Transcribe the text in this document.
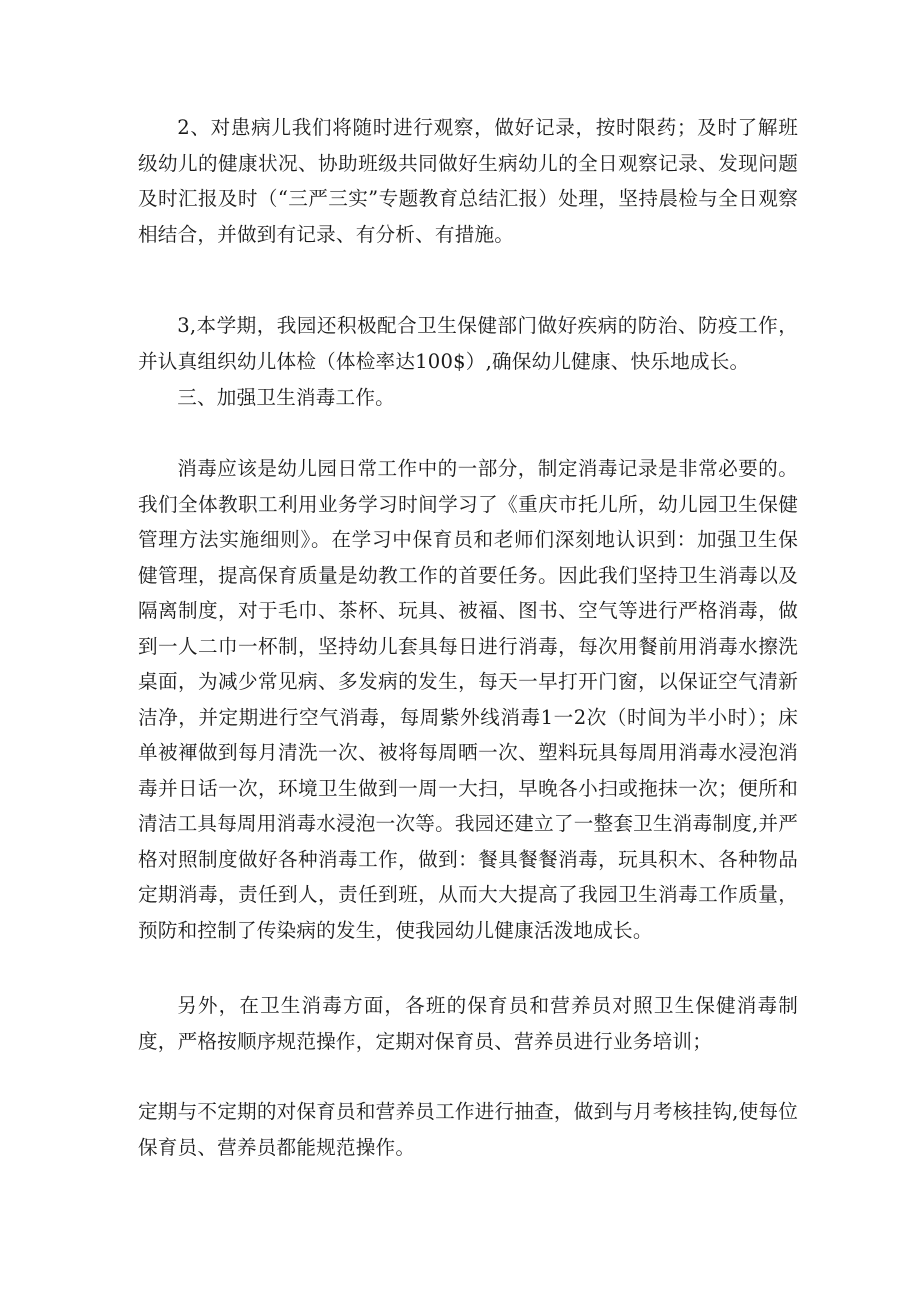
2、对患病儿我们将随时进行观察，做好记录，按时限药；及时了解班级幼儿的健康状况、协助班级共同做好生病幼儿的全日观察记录、发现问题及时汇报及时（“三严三实”专题教育总结汇报）处理，坚持晨检与全日观察相结合，并做到有记录、有分析、有措施。

3,本学期，我园还积极配合卫生保健部门做好疾病的防治、防疫工作，并认真组织幼儿体检（体检率达100$）,确保幼儿健康、快乐地成长。

三、加强卫生消毒工作。

消毒应该是幼儿园日常工作中的一部分，制定消毒记录是非常必要的。我们全体教职工利用业务学习时间学习了《重庆市托儿所，幼儿园卫生保健管理方法实施细则》。在学习中保育员和老师们深刻地认识到：加强卫生保健管理，提高保育质量是幼教工作的首要任务。因此我们坚持卫生消毒以及隔离制度，对于毛巾、茶杯、玩具、被褔、图书、空气等进行严格消毒，做到一人二巾一杯制，坚持幼儿套具每日进行消毒，每次用餐前用消毒水擦洗桌面，为减少常见病、多发病的发生，每天一早打开门窗，以保证空气清新洁净，并定期进行空气消毒，每周紫外线消毒1一2次（时间为半小时）；床单被褌做到每月清洗一次、被将每周晒一次、塑料玩具每周用消毒水浸泡消毒并日话一次，环境卫生做到一周一大扫，早晚各小扫或拖抹一次；便所和清洁工具每周用消毒水浸泡一次等。我园还建立了一整套卫生消毒制度,并严格对照制度做好各种消毒工作，做到：餐具餐餐消毒，玩具积木、各种物品定期消毒，责任到人，责任到班，从而大大提高了我园卫生消毒工作质量，预防和控制了传染病的发生，使我园幼儿健康活泼地成长。

另外，在卫生消毒方面，各班的保育员和营养员对照卫生保健消毒制度，严格按顺序规范操作，定期对保育员、营养员进行业务培训；

定期与不定期的对保育员和营养员工作进行抽查，做到与月考核挂钩,使每位保育员、营养员都能规范操作。
